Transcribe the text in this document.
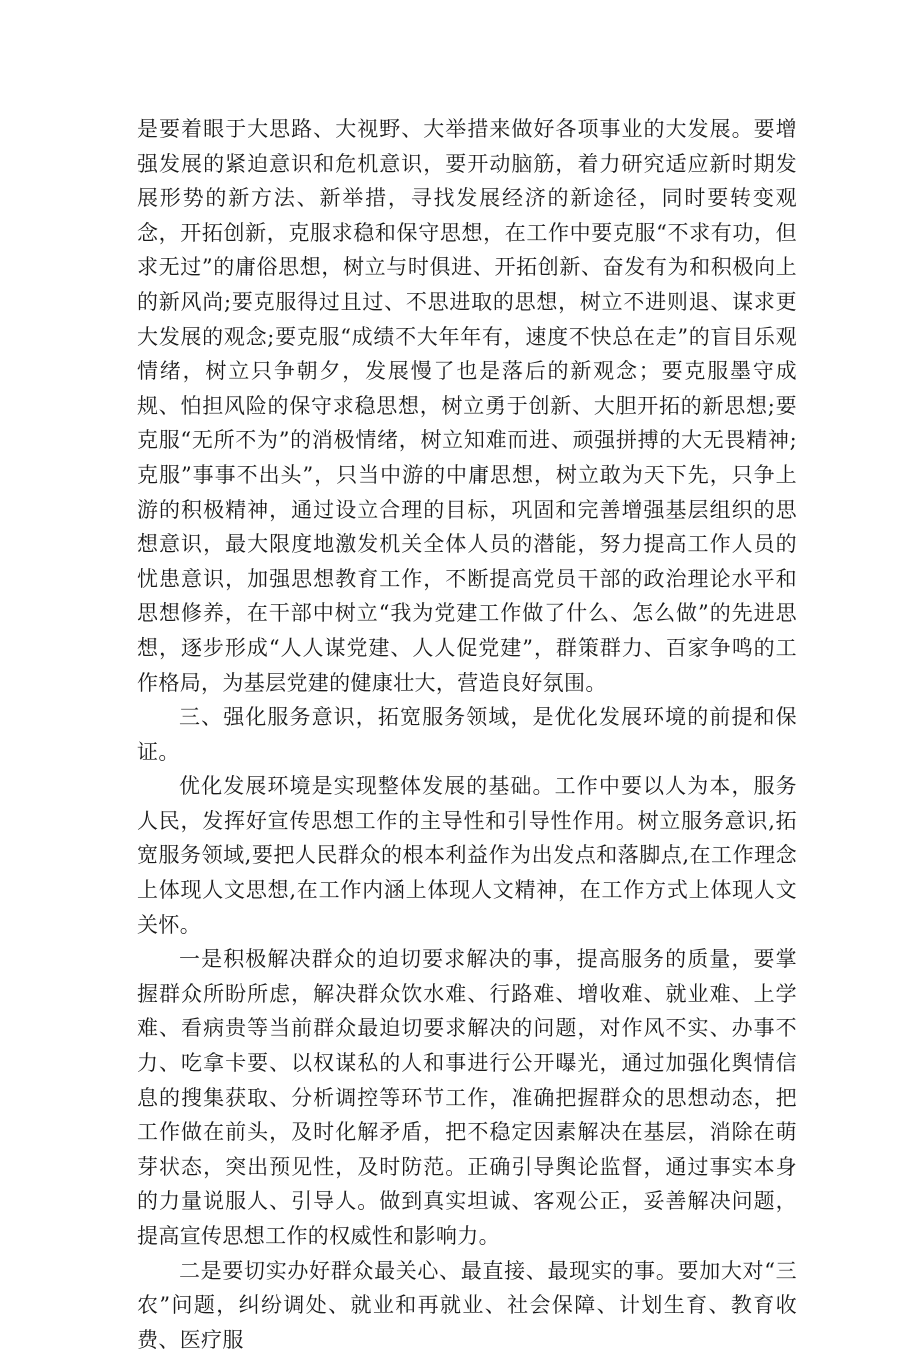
是要着眼于大思路、大视野、大举措来做好各项事业的大发展。要增强发展的紧迫意识和危机意识，要开动脑筋，着力研究适应新时期发展形势的新方法、新举措，寻找发展经济的新途径，同时要转变观念，开拓创新，克服求稳和保守思想，在工作中要克服“不求有功，但求无过”的庸俗思想，树立与时俱进、开拓创新、奋发有为和积极向上的新风尚;要克服得过且过、不思进取的思想，树立不进则退、谋求更大发展的观念;要克服“成绩不大年年有，速度不快总在走”的盲目乐观情绪，树立只争朝夕，发展慢了也是落后的新观念；要克服墨守成规、怕担风险的保守求稳思想，树立勇于创新、大胆开拓的新思想;要克服“无所不为”的消极情绪，树立知难而进、顽强拼搏的大无畏精神;克服”事事不出头”，只当中游的中庸思想，树立敢为天下先，只争上游的积极精神，通过设立合理的目标，巩固和完善增强基层组织的思想意识，最大限度地激发机关全体人员的潜能，努力提高工作人员的忧患意识，加强思想教育工作，不断提高党员干部的政治理论水平和思想修养，在干部中树立“我为党建工作做了什么、怎么做”的先进思想，逐步形成“人人谋党建、人人促党建”，群策群力、百家争鸣的工作格局，为基层党建的健康壮大，营造良好氛围。

三、强化服务意识，拓宽服务领域，是优化发展环境的前提和保证。

优化发展环境是实现整体发展的基础。工作中要以人为本，服务人民，发挥好宣传思想工作的主导性和引导性作用。树立服务意识,拓宽服务领域,要把人民群众的根本利益作为出发点和落脚点,在工作理念上体现人文思想,在工作内涵上体现人文精神，在工作方式上体现人文关怀。

一是积极解决群众的迫切要求解决的事，提高服务的质量，要掌握群众所盼所虑，解决群众饮水难、行路难、增收难、就业难、上学难、看病贵等当前群众最迫切要求解决的问题，对作风不实、办事不力、吃拿卡要、以权谋私的人和事进行公开曝光，通过加强化舆情信息的搜集获取、分析调控等环节工作，准确把握群众的思想动态，把工作做在前头，及时化解矛盾，把不稳定因素解决在基层，消除在萌芽状态，突出预见性，及时防范。正确引导舆论监督，通过事实本身的力量说服人、引导人。做到真实坦诚、客观公正，妥善解决问题，提高宣传思想工作的权威性和影响力。

二是要切实办好群众最关心、最直接、最现实的事。要加大对“三农”问题，纠纷调处、就业和再就业、社会保障、计划生育、教育收费、医疗服
